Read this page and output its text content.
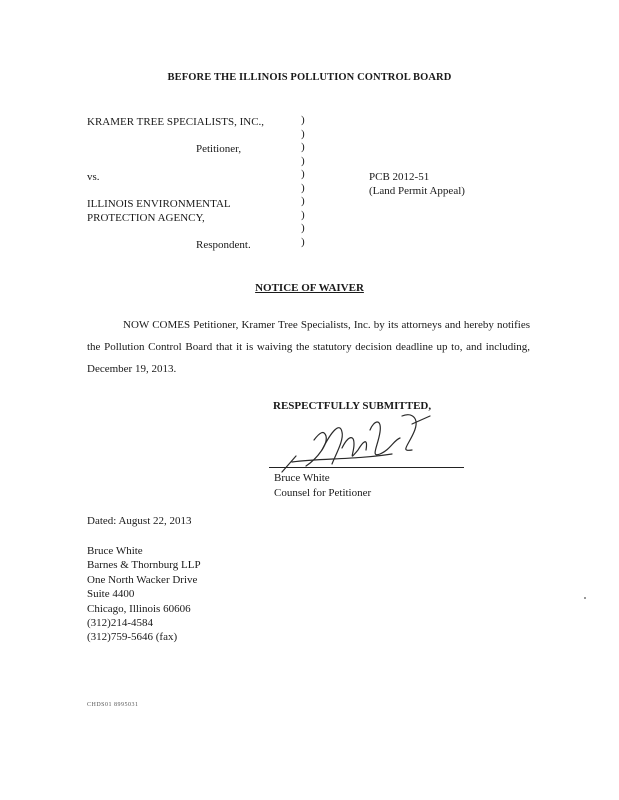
BEFORE THE ILLINOIS POLLUTION CONTROL BOARD
KRAMER TREE SPECIALISTS, INC.,
Petitioner,
vs.
ILLINOIS ENVIRONMENTAL
PROTECTION AGENCY,
Respondent.
)
)
)
)
)
)
)
)
)
)
PCB 2012-51
(Land Permit Appeal)
NOTICE OF WAIVER
NOW COMES Petitioner, Kramer Tree Specialists, Inc. by its attorneys and hereby notifies the Pollution Control Board that it is waiving the statutory decision deadline up to, and including, December 19, 2013.
RESPECTFULLY SUBMITTED,
Bruce White
Counsel for Petitioner
Dated: August 22, 2013
Bruce White
Barnes & Thornburg LLP
One North Wacker Drive
Suite 4400
Chicago, Illinois 60606
(312)214-4584
(312)759-5646 (fax)
CHDS01 8995031
